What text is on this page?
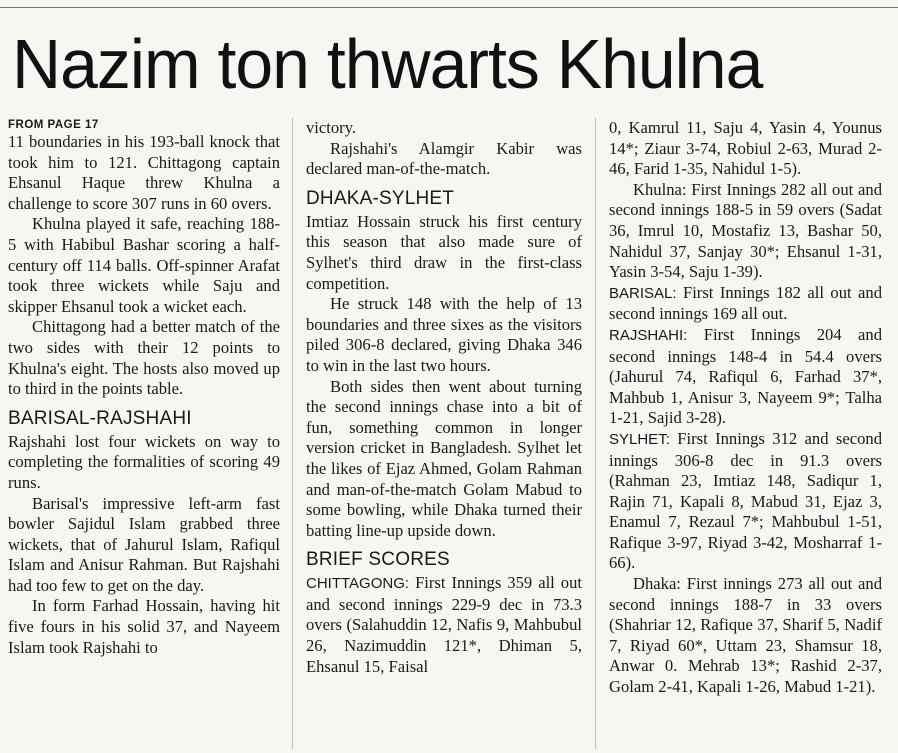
Nazim ton thwarts Khulna

FROM PAGE 17

11 boundaries in his 193-ball knock that took him to 121. Chittagong captain Ehsanul Haque threw Khulna a challenge to score 307 runs in 60 overs.

Khulna played it safe, reaching 188-5 with Habibul Bashar scoring a half-century off 114 balls. Off-spinner Arafat took three wickets while Saju and skipper Ehsanul took a wicket each.

Chittagong had a better match of the two sides with their 12 points to Khulna's eight. The hosts also moved up to third in the points table.

BARISAL-RAJSHAHI

Rajshahi lost four wickets on way to completing the formalities of scoring 49 runs.

Barisal's impressive left-arm fast bowler Sajidul Islam grabbed three wickets, that of Jahurul Islam, Rafiqul Islam and Anisur Rahman. But Rajshahi had too few to get on the day.

In form Farhad Hossain, having hit five fours in his solid 37, and Nayeem Islam took Rajshahi to

victory.

Rajshahi's Alamgir Kabir was declared man-of-the-match.

DHAKA-SYLHET

Imtiaz Hossain struck his first century this season that also made sure of Sylhet's third draw in the first-class competition.

He struck 148 with the help of 13 boundaries and three sixes as the visitors piled 306-8 declared, giving Dhaka 346 to win in the last two hours.

Both sides then went about turning the second innings chase into a bit of fun, something common in longer version cricket in Bangladesh. Sylhet let the likes of Ejaz Ahmed, Golam Rahman and man-of-the-match Golam Mabud to some bowling, while Dhaka turned their batting line-up upside down.

BRIEF SCORES

CHITTAGONG: First Innings 359 all out and second innings 229-9 dec in 73.3 overs (Salahuddin 12, Nafis 9, Mahbubul 26, Nazimuddin 121*, Dhiman 5, Ehsanul 15, Faisal

0, Kamrul 11, Saju 4, Yasin 4, Younus 14*; Ziaur 3-74, Robiul 2-63, Murad 2-46, Farid 1-35, Nahidul 1-5).

Khulna: First Innings 282 all out and second innings 188-5 in 59 overs (Sadat 36, Imrul 10, Mostafiz 13, Bashar 50, Nahidul 37, Sanjay 30*; Ehsanul 1-31, Yasin 3-54, Saju 1-39).

BARISAL: First Innings 182 all out and second innings 169 all out.

RAJSHAHI: First Innings 204 and second innings 148-4 in 54.4 overs (Jahurul 74, Rafiqul 6, Farhad 37*, Mahbub 1, Anisur 3, Nayeem 9*; Talha 1-21, Sajid 3-28).

SYLHET: First Innings 312 and second innings 306-8 dec in 91.3 overs (Rahman 23, Imtiaz 148, Sadiqur 1, Rajin 71, Kapali 8, Mabud 31, Ejaz 3, Enamul 7, Rezaul 7*; Mahbubul 1-51, Rafique 3-97, Riyad 3-42, Mosharraf 1-66).

Dhaka: First innings 273 all out and second innings 188-7 in 33 overs (Shahriar 12, Rafique 37, Sharif 5, Nadif 7, Riyad 60*, Uttam 23, Shamsur 18, Anwar 0. Mehrab 13*; Rashid 2-37, Golam 2-41, Kapali 1-26, Mabud 1-21).
